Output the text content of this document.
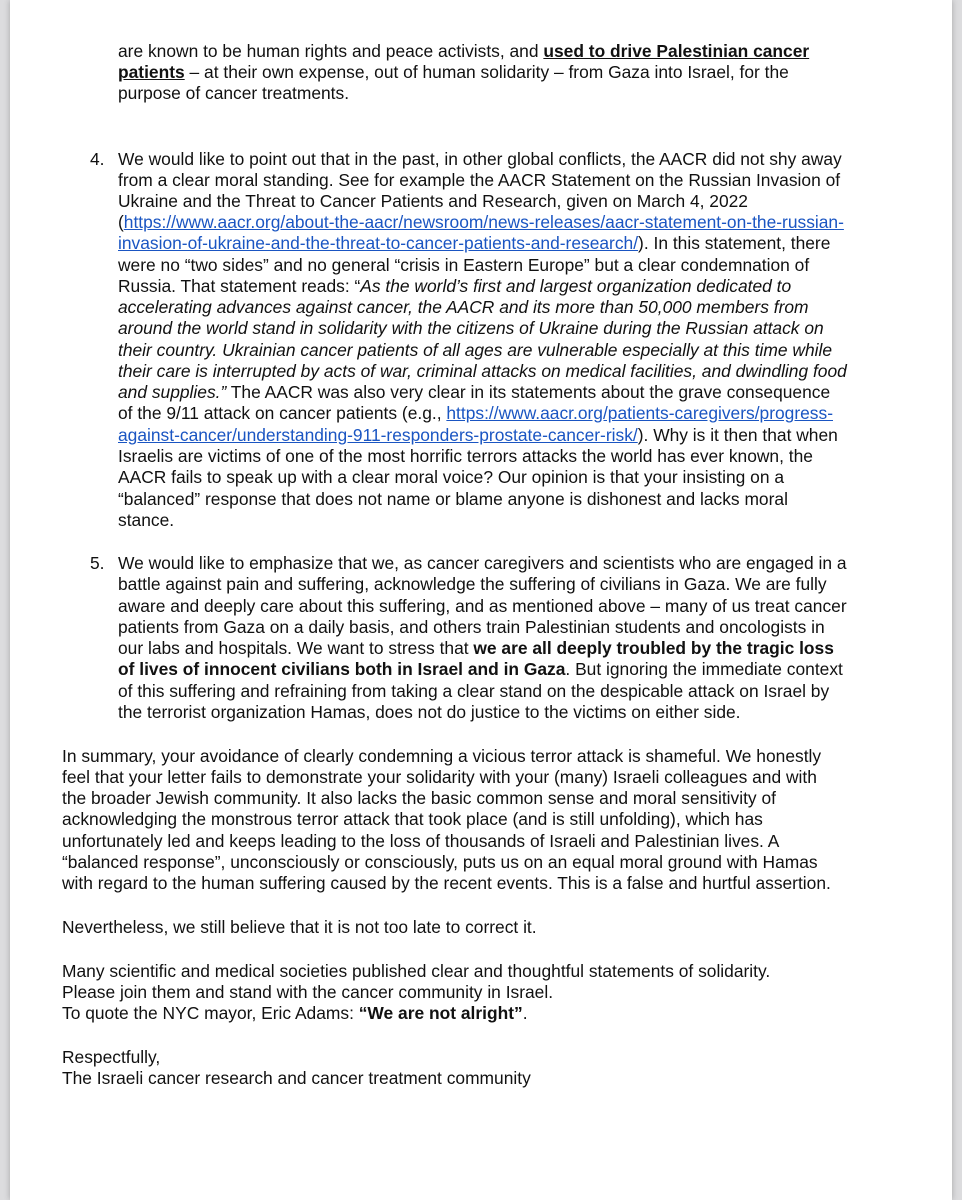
are known to be human rights and peace activists, and used to drive Palestinian cancer
patients – at their own expense, out of human solidarity – from Gaza into Israel, for the
purpose of cancer treatments.
4. We would like to point out that in the past, in other global conflicts, the AACR did not shy away
from a clear moral standing. See for example the AACR Statement on the Russian Invasion of
Ukraine and the Threat to Cancer Patients and Research, given on March 4, 2022
(https://www.aacr.org/about-the-aacr/newsroom/news-releases/aacr-statement-on-the-russian-
invasion-of-ukraine-and-the-threat-to-cancer-patients-and-research/). In this statement, there
were no “two sides” and no general “crisis in Eastern Europe” but a clear condemnation of
Russia. That statement reads: “As the world’s first and largest organization dedicated to
accelerating advances against cancer, the AACR and its more than 50,000 members from
around the world stand in solidarity with the citizens of Ukraine during the Russian attack on
their country. Ukrainian cancer patients of all ages are vulnerable especially at this time while
their care is interrupted by acts of war, criminal attacks on medical facilities, and dwindling food
and supplies.” The AACR was also very clear in its statements about the grave consequence
of the 9/11 attack on cancer patients (e.g., https://www.aacr.org/patients-caregivers/progress-
against-cancer/understanding-911-responders-prostate-cancer-risk/). Why is it then that when
Israelis are victims of one of the most horrific terrors attacks the world has ever known, the
AACR fails to speak up with a clear moral voice? Our opinion is that your insisting on a
“balanced” response that does not name or blame anyone is dishonest and lacks moral
stance.
5. We would like to emphasize that we, as cancer caregivers and scientists who are engaged in a
battle against pain and suffering, acknowledge the suffering of civilians in Gaza. We are fully
aware and deeply care about this suffering, and as mentioned above – many of us treat cancer
patients from Gaza on a daily basis, and others train Palestinian students and oncologists in
our labs and hospitals. We want to stress that we are all deeply troubled by the tragic loss
of lives of innocent civilians both in Israel and in Gaza. But ignoring the immediate context
of this suffering and refraining from taking a clear stand on the despicable attack on Israel by
the terrorist organization Hamas, does not do justice to the victims on either side.
In summary, your avoidance of clearly condemning a vicious terror attack is shameful. We honestly
feel that your letter fails to demonstrate your solidarity with your (many) Israeli colleagues and with
the broader Jewish community. It also lacks the basic common sense and moral sensitivity of
acknowledging the monstrous terror attack that took place (and is still unfolding), which has
unfortunately led and keeps leading to the loss of thousands of Israeli and Palestinian lives. A
“balanced response”, unconsciously or consciously, puts us on an equal moral ground with Hamas
with regard to the human suffering caused by the recent events. This is a false and hurtful assertion.
Nevertheless, we still believe that it is not too late to correct it.
Many scientific and medical societies published clear and thoughtful statements of solidarity.
Please join them and stand with the cancer community in Israel.
To quote the NYC mayor, Eric Adams: “We are not alright”.
Respectfully,
The Israeli cancer research and cancer treatment community
